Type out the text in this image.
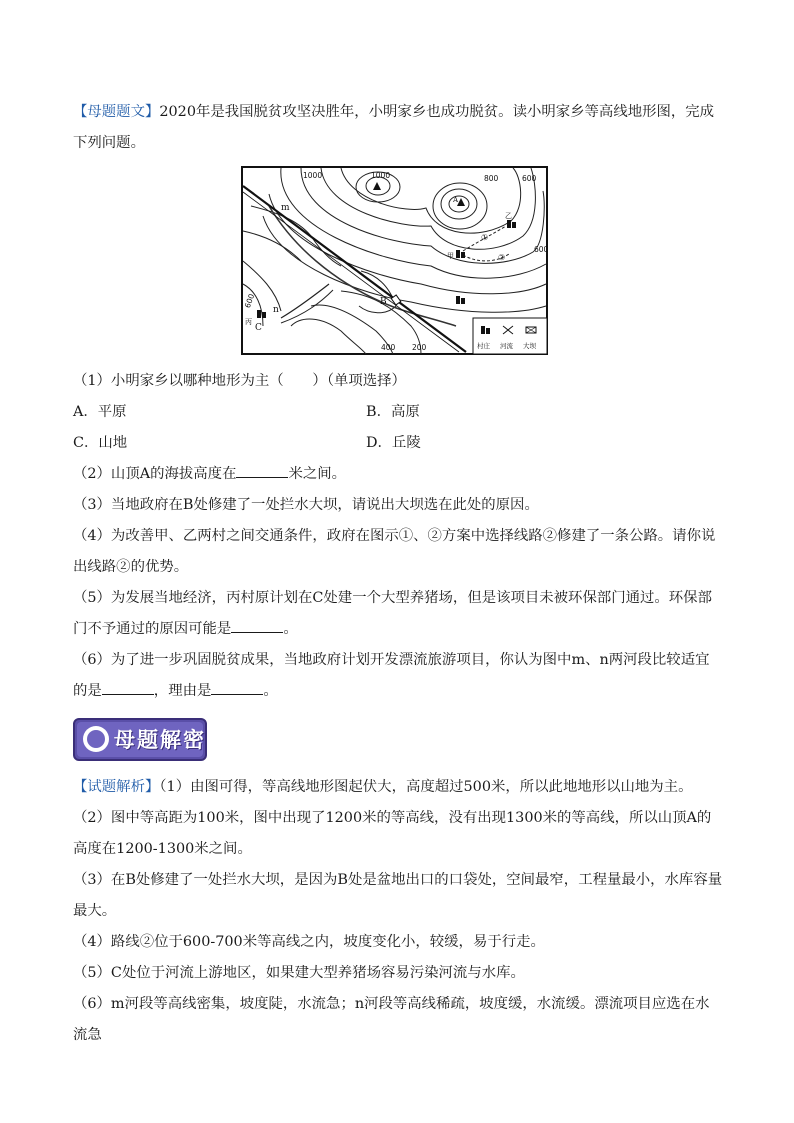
【母题题文】2020年是我国脱贫攻坚决胜年，小明家乡也成功脱贫。读小明家乡等高线地形图，完成下列问题。

1000	1000	800	600
600
600
400 200
A
B
C
m
n
甲
乙
丙
①
②
村庄 河流 大坝

（1）小明家乡以哪种地形为主（　　）（单项选择）

A．平原	B．高原
C．山地	D．丘陵

（2）山顶A的海拔高度在	米之间。

（3）当地政府在B处修建了一处拦水大坝，请说出大坝选在此处的原因。

（4）为改善甲、乙两村之间交通条件，政府在图示①、②方案中选择线路②修建了一条公路。请你说出线路②的优势。

（5）为发展当地经济，丙村原计划在C处建一个大型养猪场，但是该项目未被环保部门通过。环保部门不予通过的原因可能是	。

（6）为了进一步巩固脱贫成果，当地政府计划开发漂流旅游项目，你认为图中m、n两河段比较适宜的是	，理由是	。

母题解密

【试题解析】（1）由图可得，等高线地形图起伏大，高度超过500米，所以此地地形以山地为主。

（2）图中等高距为100米，图中出现了1200米的等高线，没有出现1300米的等高线，所以山顶A的高度在1200-1300米之间。

（3）在B处修建了一处拦水大坝，是因为B处是盆地出口的口袋处，空间最窄，工程量最小，水库容量最大。

（4）路线②位于600-700米等高线之内，坡度变化小，较缓，易于行走。

（5）C处位于河流上游地区，如果建大型养猪场容易污染河流与水库。

（6）m河段等高线密集，坡度陡，水流急；n河段等高线稀疏，坡度缓，水流缓。漂流项目应选在水流急
